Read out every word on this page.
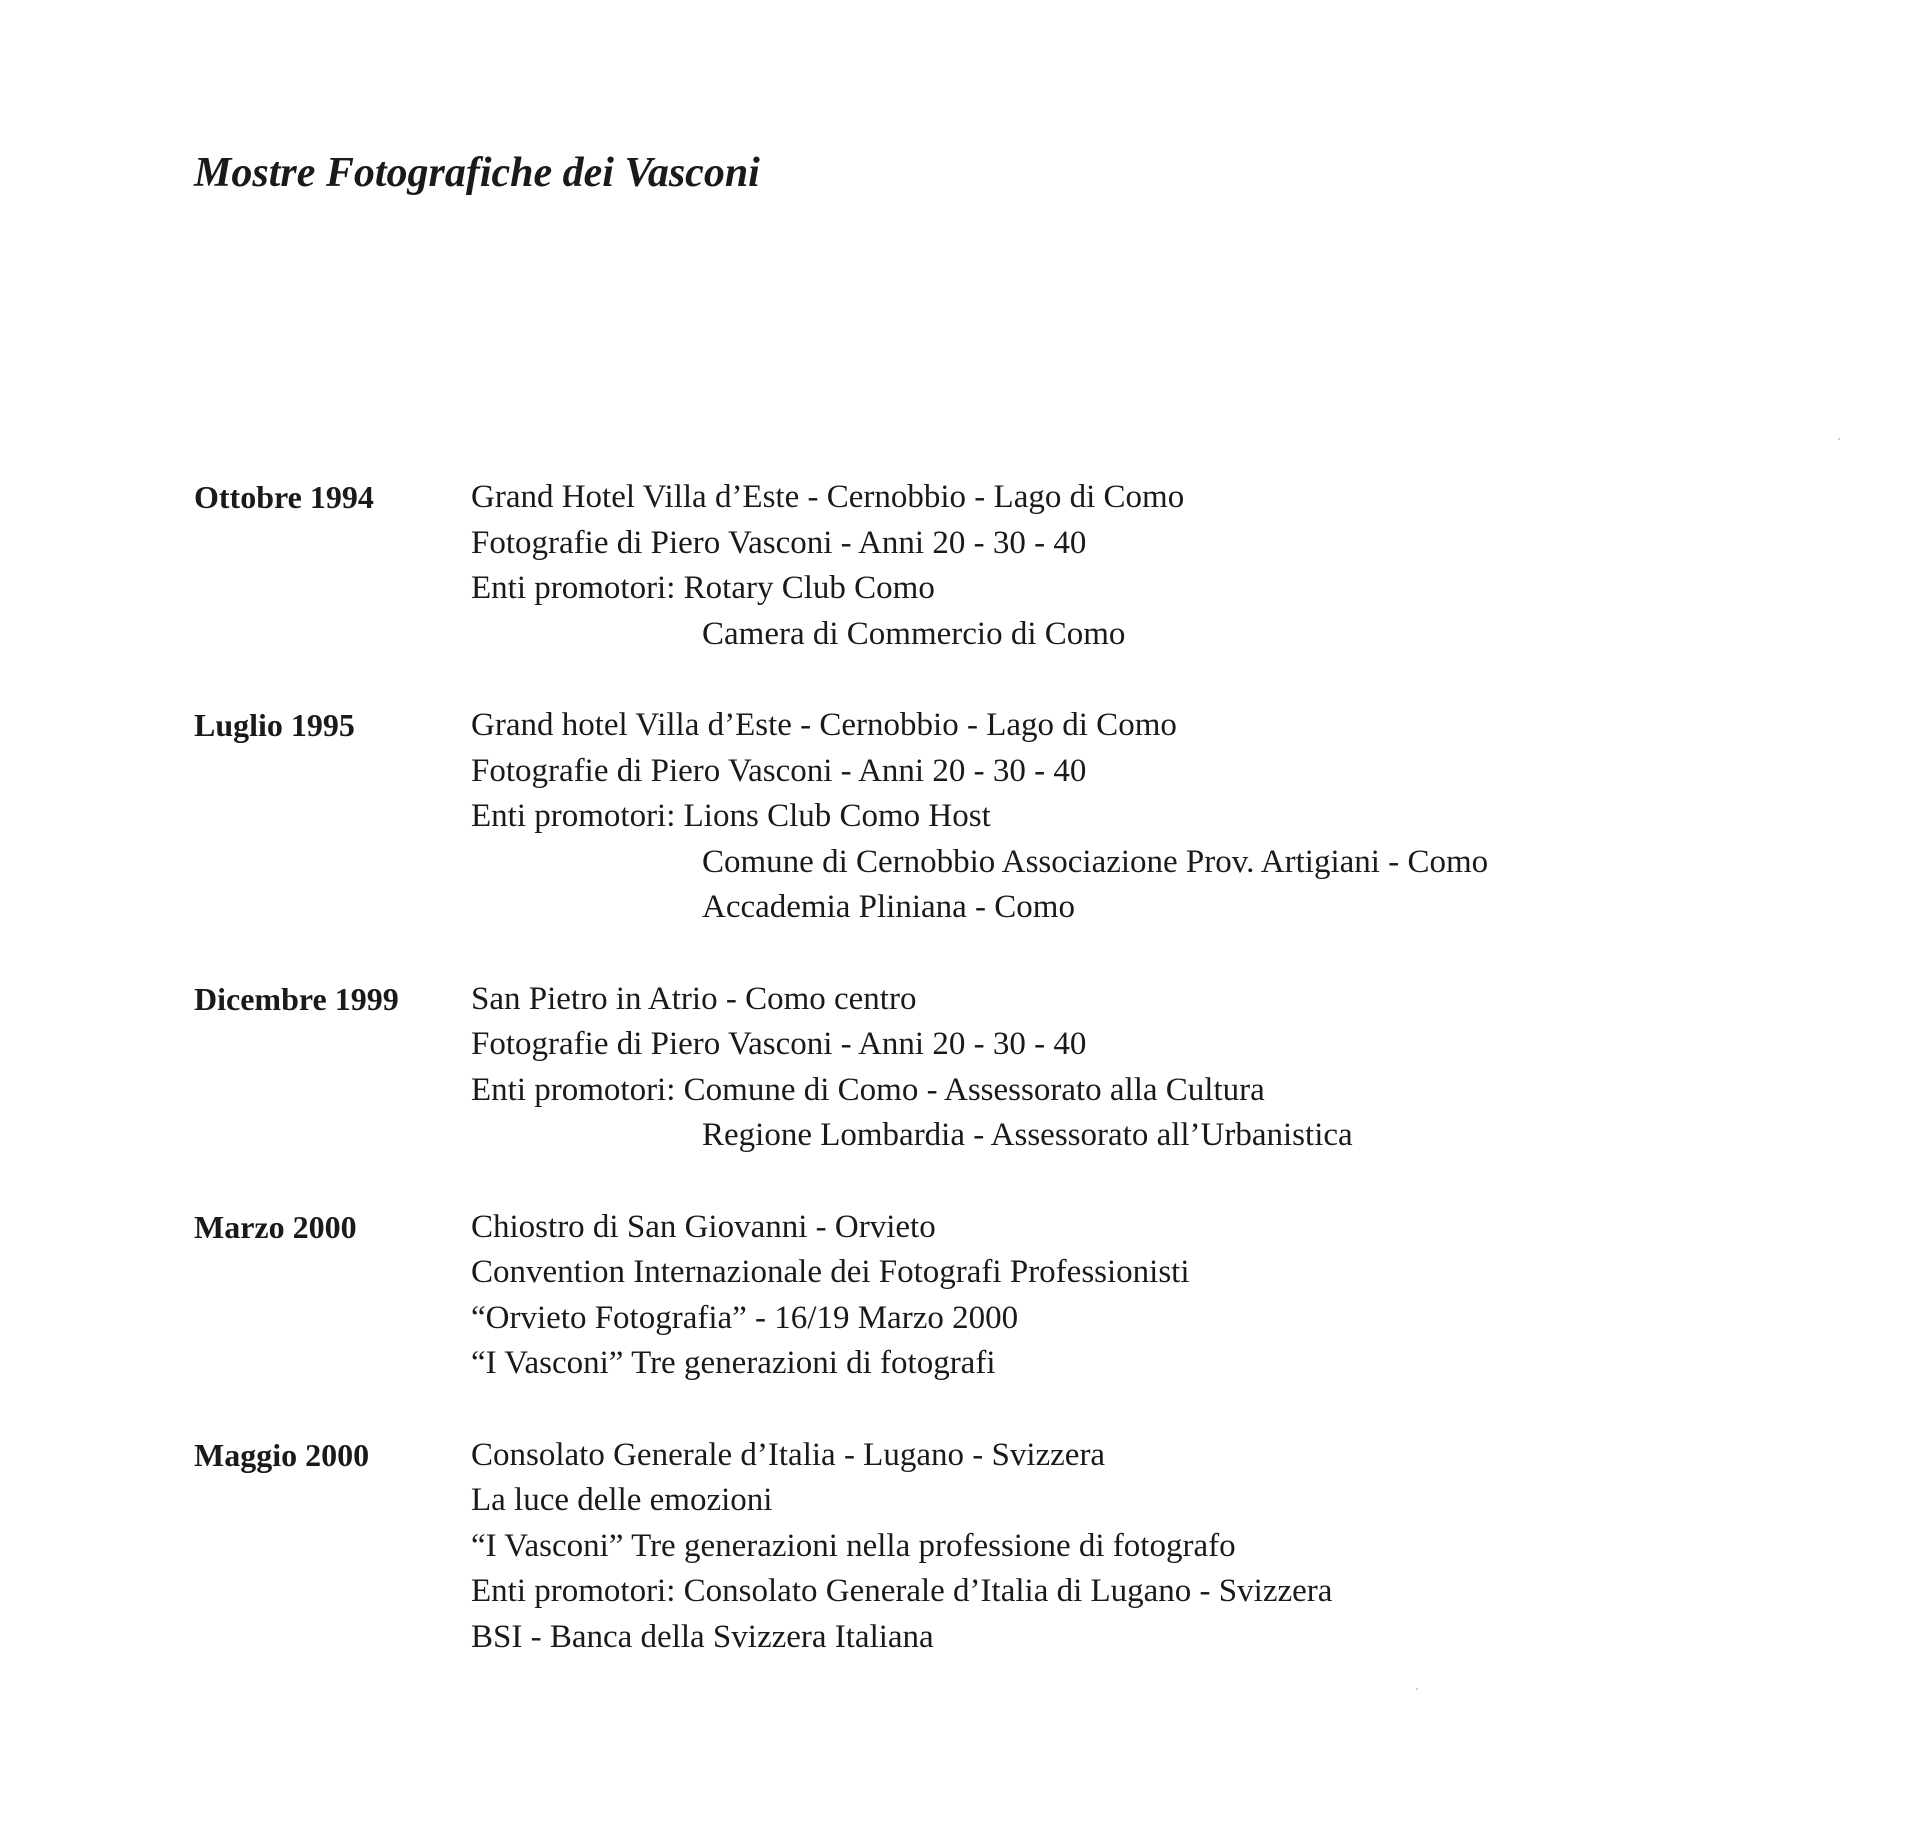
Mostre Fotografiche dei Vasconi
Ottobre 1994	Grand Hotel Villa d’Este - Cernobbio - Lago di Como
Fotografie di Piero Vasconi - Anni 20 - 30 - 40
Enti promotori: Rotary Club Como
Camera di Commercio di Como
Luglio 1995	Grand hotel Villa d’Este - Cernobbio - Lago di Como
Fotografie di Piero Vasconi - Anni 20 - 30 - 40
Enti promotori: Lions Club Como Host
Comune di Cernobbio Associazione Prov. Artigiani - Como
Accademia Pliniana - Como
Dicembre 1999 San Pietro in Atrio - Como centro
Fotografie di Piero Vasconi - Anni 20 - 30 - 40
Enti promotori: Comune di Como - Assessorato alla Cultura
Regione Lombardia - Assessorato all’Urbanistica
Marzo 2000	Chiostro di San Giovanni - Orvieto
Convention Internazionale dei Fotografi Professionisti
“Orvieto Fotografia” - 16/19 Marzo 2000
“I Vasconi” Tre generazioni di fotografi
Maggio 2000	Consolato Generale d’Italia - Lugano - Svizzera
La luce delle emozioni
“I Vasconi” Tre generazioni nella professione di fotografo
Enti promotori: Consolato Generale d’Italia di Lugano - Svizzera
BSI - Banca della Svizzera Italiana
